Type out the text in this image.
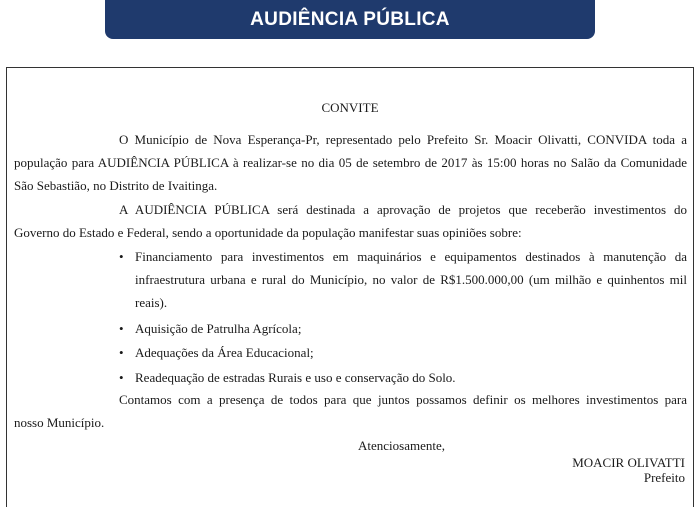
AUDIÊNCIA PÚBLICA
CONVITE
O Município de Nova Esperança-Pr, representado pelo Prefeito Sr. Moacir Olivatti, CONVIDA toda a
população para AUDIÊNCIA PÚBLICA à realizar-se no dia 05 de setembro de 2017 às 15:00 horas no Salão da Comunidade
São Sebastião, no Distrito de Ivaitinga.
A AUDIÊNCIA PÚBLICA será destinada a aprovação de projetos que receberão investimentos do
Governo do Estado e Federal, sendo a oportunidade da população manifestar suas opiniões sobre:
• Financiamento para investimentos em maquinários e equipamentos destinados à manutenção da
infraestrutura urbana e rural do Município, no valor de R$1.500.000,00 (um milhão e quinhentos mil
reais).
• Aquisição de Patrulha Agrícola;
• Adequações da Área Educacional;
• Readequação de estradas Rurais e uso e conservação do Solo.
Contamos com a presença de todos para que juntos possamos definir os melhores investimentos para
nosso Município.
Atenciosamente,
MOACIR OLIVATTI
Prefeito
